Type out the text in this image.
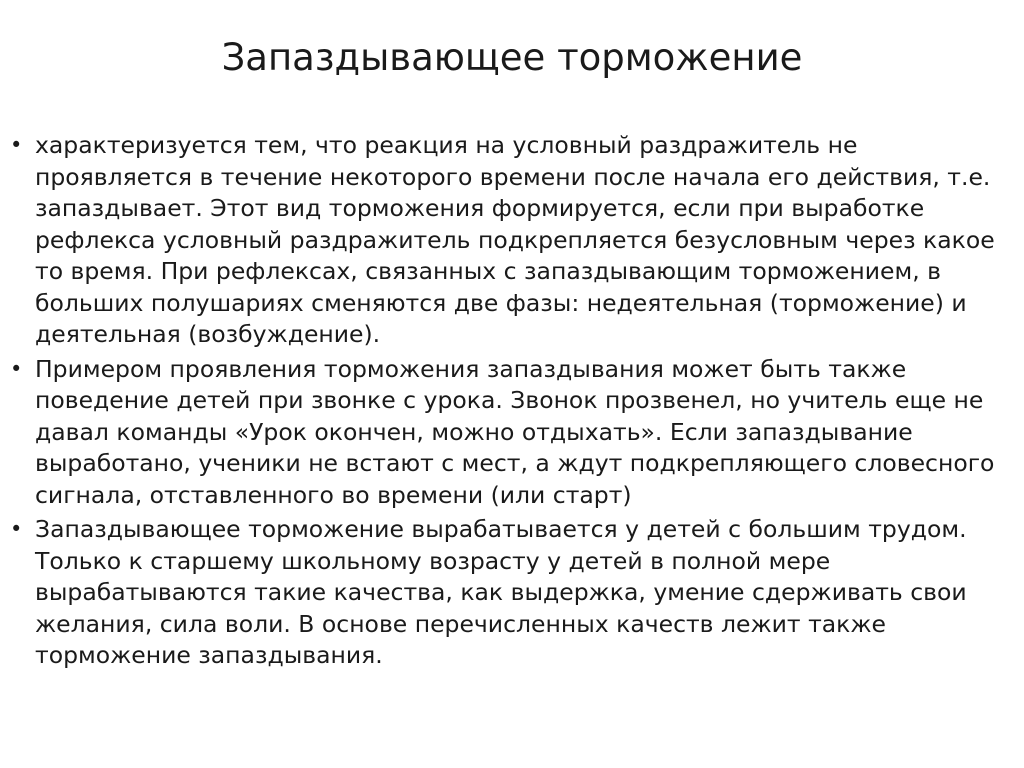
Запаздывающее торможение
• характеризуется тем, что реакция на условный раздражитель не проявляется в течение некоторого времени после начала его действия, т.е. запаздывает. Этот вид торможения формируется, если при выработке рефлекса условный раздражитель подкрепляется безусловным через какое то время. При рефлексах, связанных с запаздывающим торможением, в больших полушариях сменяются две фазы: недеятельная (торможение) и деятельная (возбуждение).
• Примером проявления торможения запаздывания может быть также поведение детей при звонке с урока. Звонок прозвенел, но учитель еще не давал команды «Урок окончен, можно отдыхать». Если запаздывание выработано, ученики не встают с мест, а ждут подкрепляющего словесного сигнала, отставленного во времени (или старт)
• Запаздывающее торможение вырабатывается у детей с большим трудом. Только к старшему школьному возрасту у детей в полной мере вырабатываются такие качества, как выдержка, умение сдерживать свои желания, сила воли. В основе перечисленных качеств лежит также торможение запаздывания.
